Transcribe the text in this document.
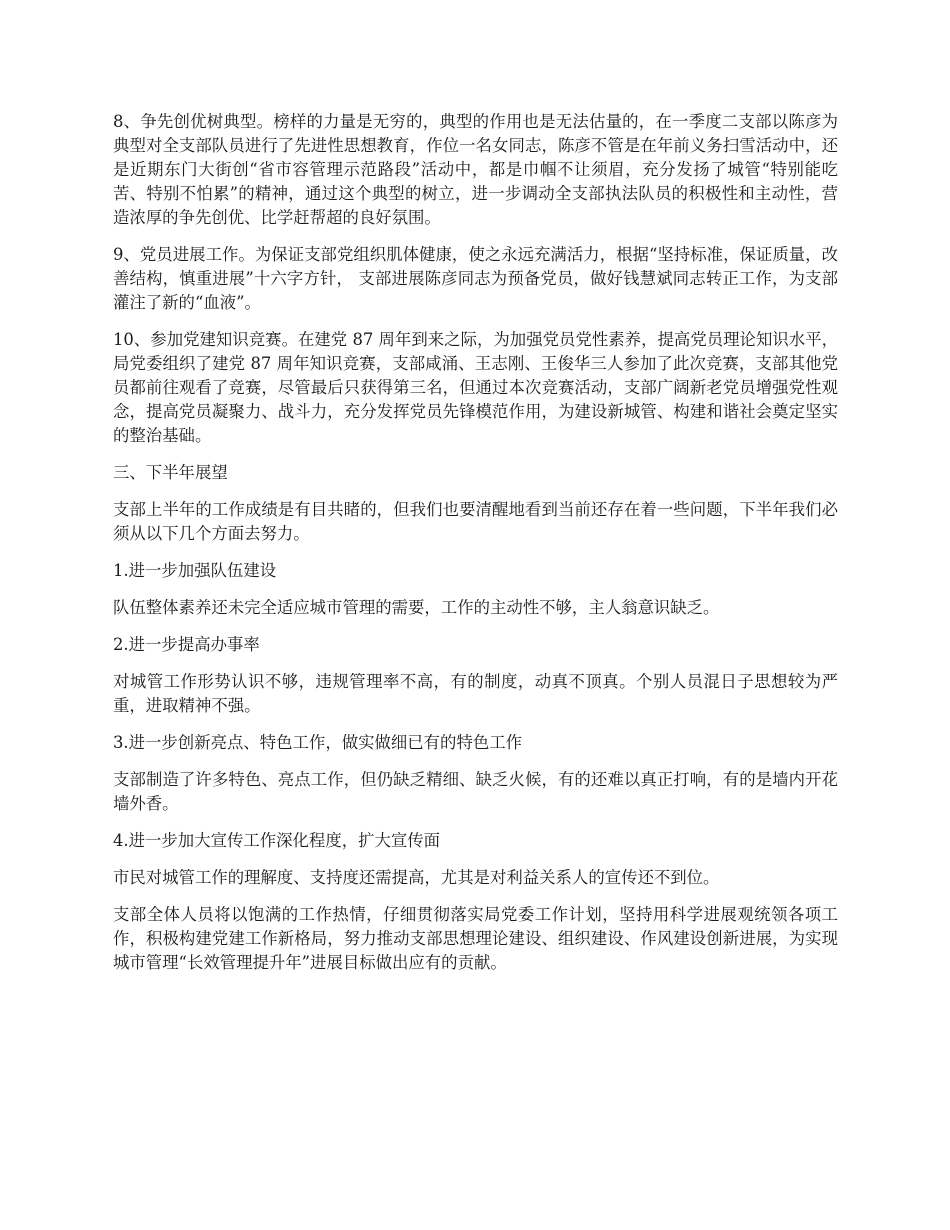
8、争先创优树典型。榜样的力量是无穷的，典型的作用也是无法估量的，在一季度二支部以陈彦为典型对全支部队员进行了先进性思想教育，作位一名女同志，陈彦不管是在年前义务扫雪活动中，还是近期东门大街创“省市容管理示范路段”活动中，都是巾帼不让须眉，充分发扬了城管“特别能吃苦、特别不怕累”的精神，通过这个典型的树立，进一步调动全支部执法队员的积极性和主动性，营造浓厚的争先创优、比学赶帮超的良好氛围。

9、党员进展工作。为保证支部党组织肌体健康，使之永远充满活力，根据“坚持标准，保证质量，改善结构，慎重进展”十六字方针， 支部进展陈彦同志为预备党员，做好钱慧斌同志转正工作，为支部灌注了新的“血液”。

10、参加党建知识竞赛。在建党 87 周年到来之际，为加强党员党性素养，提高党员理论知识水平，局党委组织了建党 87 周年知识竞赛，支部咸涌、王志刚、王俊华三人参加了此次竞赛，支部其他党员都前往观看了竞赛，尽管最后只获得第三名，但通过本次竞赛活动，支部广阔新老党员增强党性观念，提高党员凝聚力、战斗力，充分发挥党员先锋模范作用，为建设新城管、构建和谐社会奠定坚实的整治基础。

三、下半年展望

支部上半年的工作成绩是有目共睹的，但我们也要清醒地看到当前还存在着一些问题，下半年我们必须从以下几个方面去努力。

1.进一步加强队伍建设

队伍整体素养还未完全适应城市管理的需要，工作的主动性不够，主人翁意识缺乏。

2.进一步提高办事率

对城管工作形势认识不够，违规管理率不高，有的制度，动真不顶真。个别人员混日子思想较为严重，进取精神不强。

3.进一步创新亮点、特色工作，做实做细已有的特色工作

支部制造了许多特色、亮点工作，但仍缺乏精细、缺乏火候，有的还难以真正打响，有的是墙内开花墙外香。

4.进一步加大宣传工作深化程度，扩大宣传面

市民对城管工作的理解度、支持度还需提高，尤其是对利益关系人的宣传还不到位。

支部全体人员将以饱满的工作热情，仔细贯彻落实局党委工作计划，坚持用科学进展观统领各项工作，积极构建党建工作新格局，努力推动支部思想理论建设、组织建设、作风建设创新进展，为实现城市管理“长效管理提升年”进展目标做出应有的贡献。
